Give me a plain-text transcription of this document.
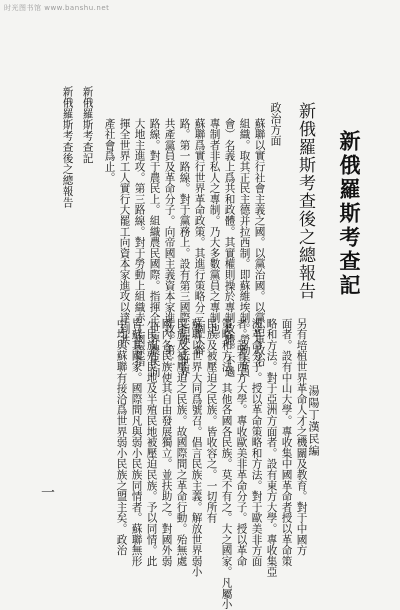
时光图书馆 www.banshu.net
新俄羅斯考查記
新俄羅斯考查後之總報告
湯陽丁漢民編
另有培植世界革命人才之機關及教育。對于中國方
面者。設有中山大學。專收集中國革命者授以革命策
略和方法。對于亞洲方面者。設有東方大學。專收集亞
洲革命分子。授以革命策略和方法。對于歐美非方面
者。設有西方大學。專收歐美非革命分子。授以革命
策略和方法。其他各國各民族。莫不有之。大之國家。凡屬小
民族及被壓迫之民族。皆收容之。一切所有
蘇聯以世界大同爲號召。倡言民族主義。解放世界弱小
民族及被壓迫之民族。故國際間之革命行動。殆無處
國內各民族使其自由發展獨立。並扶助之。對國外弱
小民族殖民地及半殖民地被壓迫民族。予以同情。此
皆蘇其國家。國際間凡與弱小民族同情者。蘇聯無形
中均與蘇聯有接洽爲世界弱小民族之盟主矣。政治
政治方面
蘇聯以實行社會主義之國。以黨治國。以黨治軍政治
組織。取其正民主德并拉西制。即蘇維埃制。勞動委員
會）名義上爲共和政體。其實權則操於專制政體。不過
專制者非私人之專制。乃大多數黨員之專制也。
蘇聯爲實行世界革命政策。其進行策略分三個大幹
路。第一路線。對于黨務上。設有第三國際指揮全世界
共產黨員及革命分子。向帝國主義資本家進攻。第二
路線。對于農民上。組織農民國際。指揮全世界農民向
大地主進攻。第三路線。對于勞動上組織赤工國際指
揮全世界工人實行大罷工向資本家進攻以達到共
產社會爲止。
新俄羅斯考查記
新俄羅斯考查後之總報告
一
